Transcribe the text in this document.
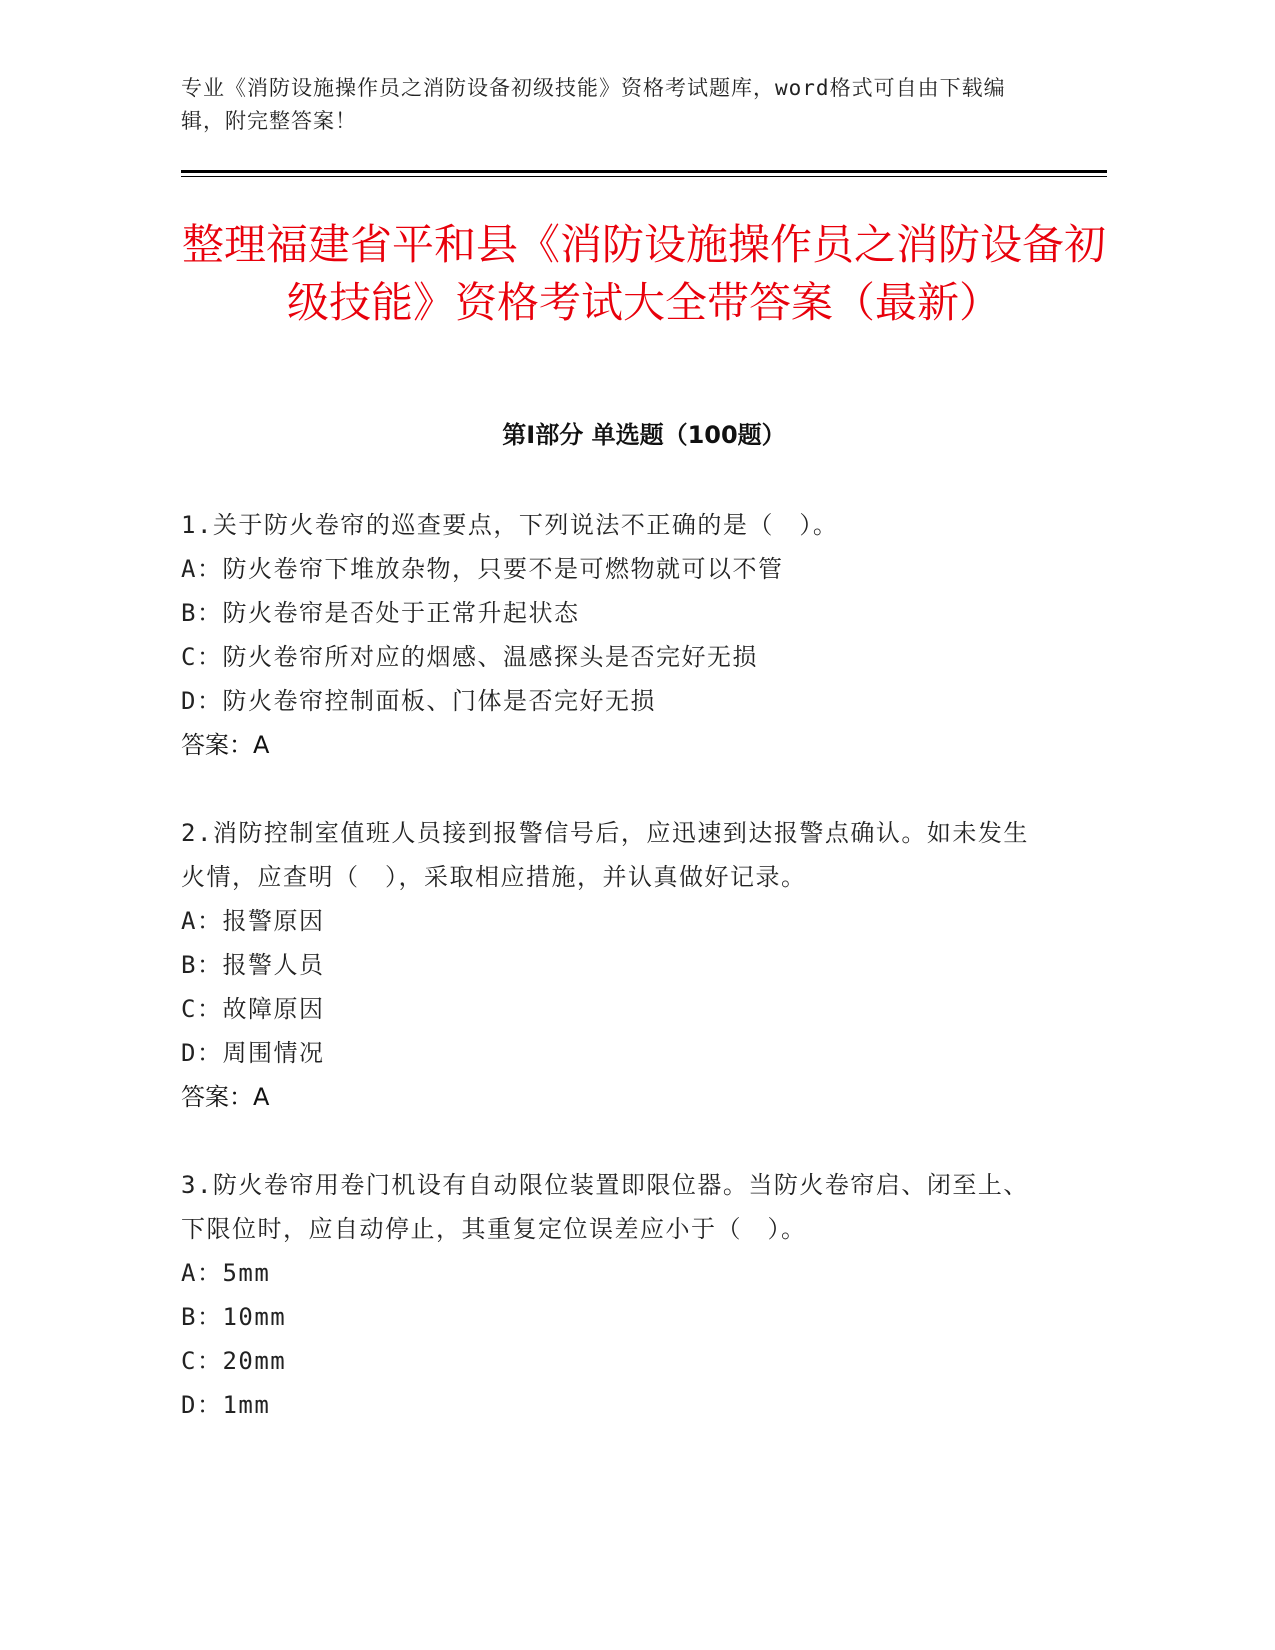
专业《消防设施操作员之消防设备初级技能》资格考试题库，word格式可自由下载编辑，附完整答案！
整理福建省平和县《消防设施操作员之消防设备初级技能》资格考试大全带答案（最新）
第I部分 单选题（100题）

1.关于防火卷帘的巡查要点，下列说法不正确的是（　）。

A：防火卷帘下堆放杂物，只要不是可燃物就可以不管

B：防火卷帘是否处于正常升起状态

C：防火卷帘所对应的烟感、温感探头是否完好无损

D：防火卷帘控制面板、门体是否完好无损

答案：A

2.消防控制室值班人员接到报警信号后，应迅速到达报警点确认。如未发生火情，应查明（　），采取相应措施，并认真做好记录。

A：报警原因

B：报警人员

C：故障原因

D：周围情况

答案：A

3.防火卷帘用卷门机设有自动限位装置即限位器。当防火卷帘启、闭至上、下限位时，应自动停止，其重复定位误差应小于（　）。

A：5mm

B：10mm

C：20mm

D：1mm
